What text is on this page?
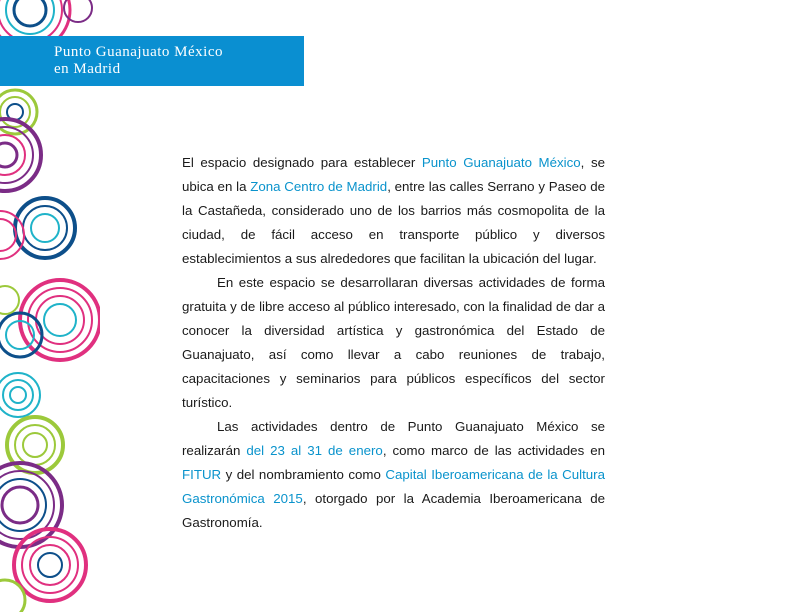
Punto Guanajuato México
en Madrid

El espacio designado para establecer Punto Guanajuato México, se ubica en la Zona Centro de Madrid, entre las calles Serrano y Paseo de la Castañeda, considerado uno de los barrios más cosmopolita de la ciudad, de fácil acceso en transporte público y diversos establecimientos a sus alrededores que facilitan la ubicación del lugar.

En este espacio se desarrollaran diversas actividades de forma gratuita y de libre acceso al público interesado, con la finalidad de dar a conocer la diversidad artística y gastronómica del Estado de Guanajuato, así como llevar a cabo reuniones de trabajo, capacitaciones y seminarios para públicos específicos del sector turístico.

Las actividades dentro de Punto Guanajuato México se realizarán del 23 al 31 de enero, como marco de las actividades en FITUR y del nombramiento como Capital Iberoamericana de la Cultura Gastronómica 2015, otorgado por la Academia Iberoamericana de Gastronomía.
